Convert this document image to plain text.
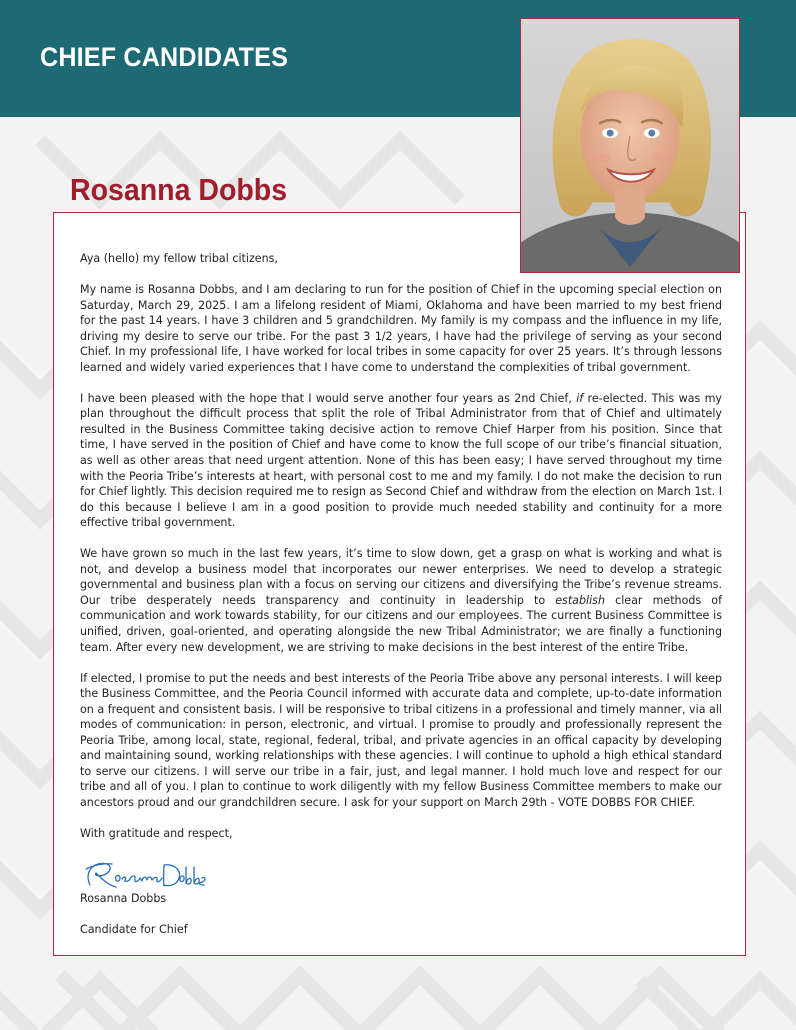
CHIEF CANDIDATES
Rosanna Dobbs

Aya (hello) my fellow tribal citizens,

My name is Rosanna Dobbs, and I am declaring to run for the position of Chief in the upcoming special election on Saturday, March 29, 2025. I am a lifelong resident of Miami, Oklahoma and have been married to my best friend for the past 14 years. I have 3 children and 5 grandchildren. My family is my compass and the influence in my life, driving my desire to serve our tribe. For the past 3 1/2 years, I have had the privilege of serving as your second Chief. In my professional life, I have worked for local tribes in some capacity for over 25 years. It’s through lessons learned and widely varied experiences that I have come to understand the complexities of tribal government.

I have been pleased with the hope that I would serve another four years as 2nd Chief, if re-elected. This was my plan throughout the difficult process that split the role of Tribal Administrator from that of Chief and ultimately resulted in the Business Committee taking decisive action to remove Chief Harper from his position. Since that time, I have served in the position of Chief and have come to know the full scope of our tribe’s financial situation, as well as other areas that need urgent attention. None of this has been easy; I have served throughout my time with the Peoria Tribe’s interests at heart, with personal cost to me and my family. I do not make the decision to run for Chief lightly. This decision required me to resign as Second Chief and withdraw from the election on March 1st. I do this because I believe I am in a good position to provide much needed stability and continuity for a more effective tribal government.

We have grown so much in the last few years, it’s time to slow down, get a grasp on what is working and what is not, and develop a business model that incorporates our newer enterprises. We need to develop a strategic governmental and business plan with a focus on serving our citizens and diversifying the Tribe’s revenue streams. Our tribe desperately needs transparency and continuity in leadership to establish clear methods of communication and work towards stability, for our citizens and our employees. The current Business Committee is unified, driven, goal-oriented, and operating alongside the new Tribal Administrator; we are finally a functioning team. After every new development, we are striving to make decisions in the best interest of the entire Tribe.

If elected, I promise to put the needs and best interests of the Peoria Tribe above any personal interests. I will keep the Business Committee, and the Peoria Council informed with accurate data and complete, up-to-date information on a frequent and consistent basis. I will be responsive to tribal citizens in a professional and timely manner, via all modes of communication: in person, electronic, and virtual. I promise to proudly and professionally represent the Peoria Tribe, among local, state, regional, federal, tribal, and private agencies in an offical capacity by developing and maintaining sound, working relationships with these agencies. I will continue to uphold a high ethical standard to serve our citizens. I will serve our tribe in a fair, just, and legal manner. I hold much love and respect for our tribe and all of you. I plan to continue to work diligently with my fellow Business Committee members to make our ancestors proud and our grandchildren secure. I ask for your support on March 29th - VOTE DOBBS FOR CHIEF.

With gratitude and respect,

Rosanna Dobbs

Candidate for Chief
